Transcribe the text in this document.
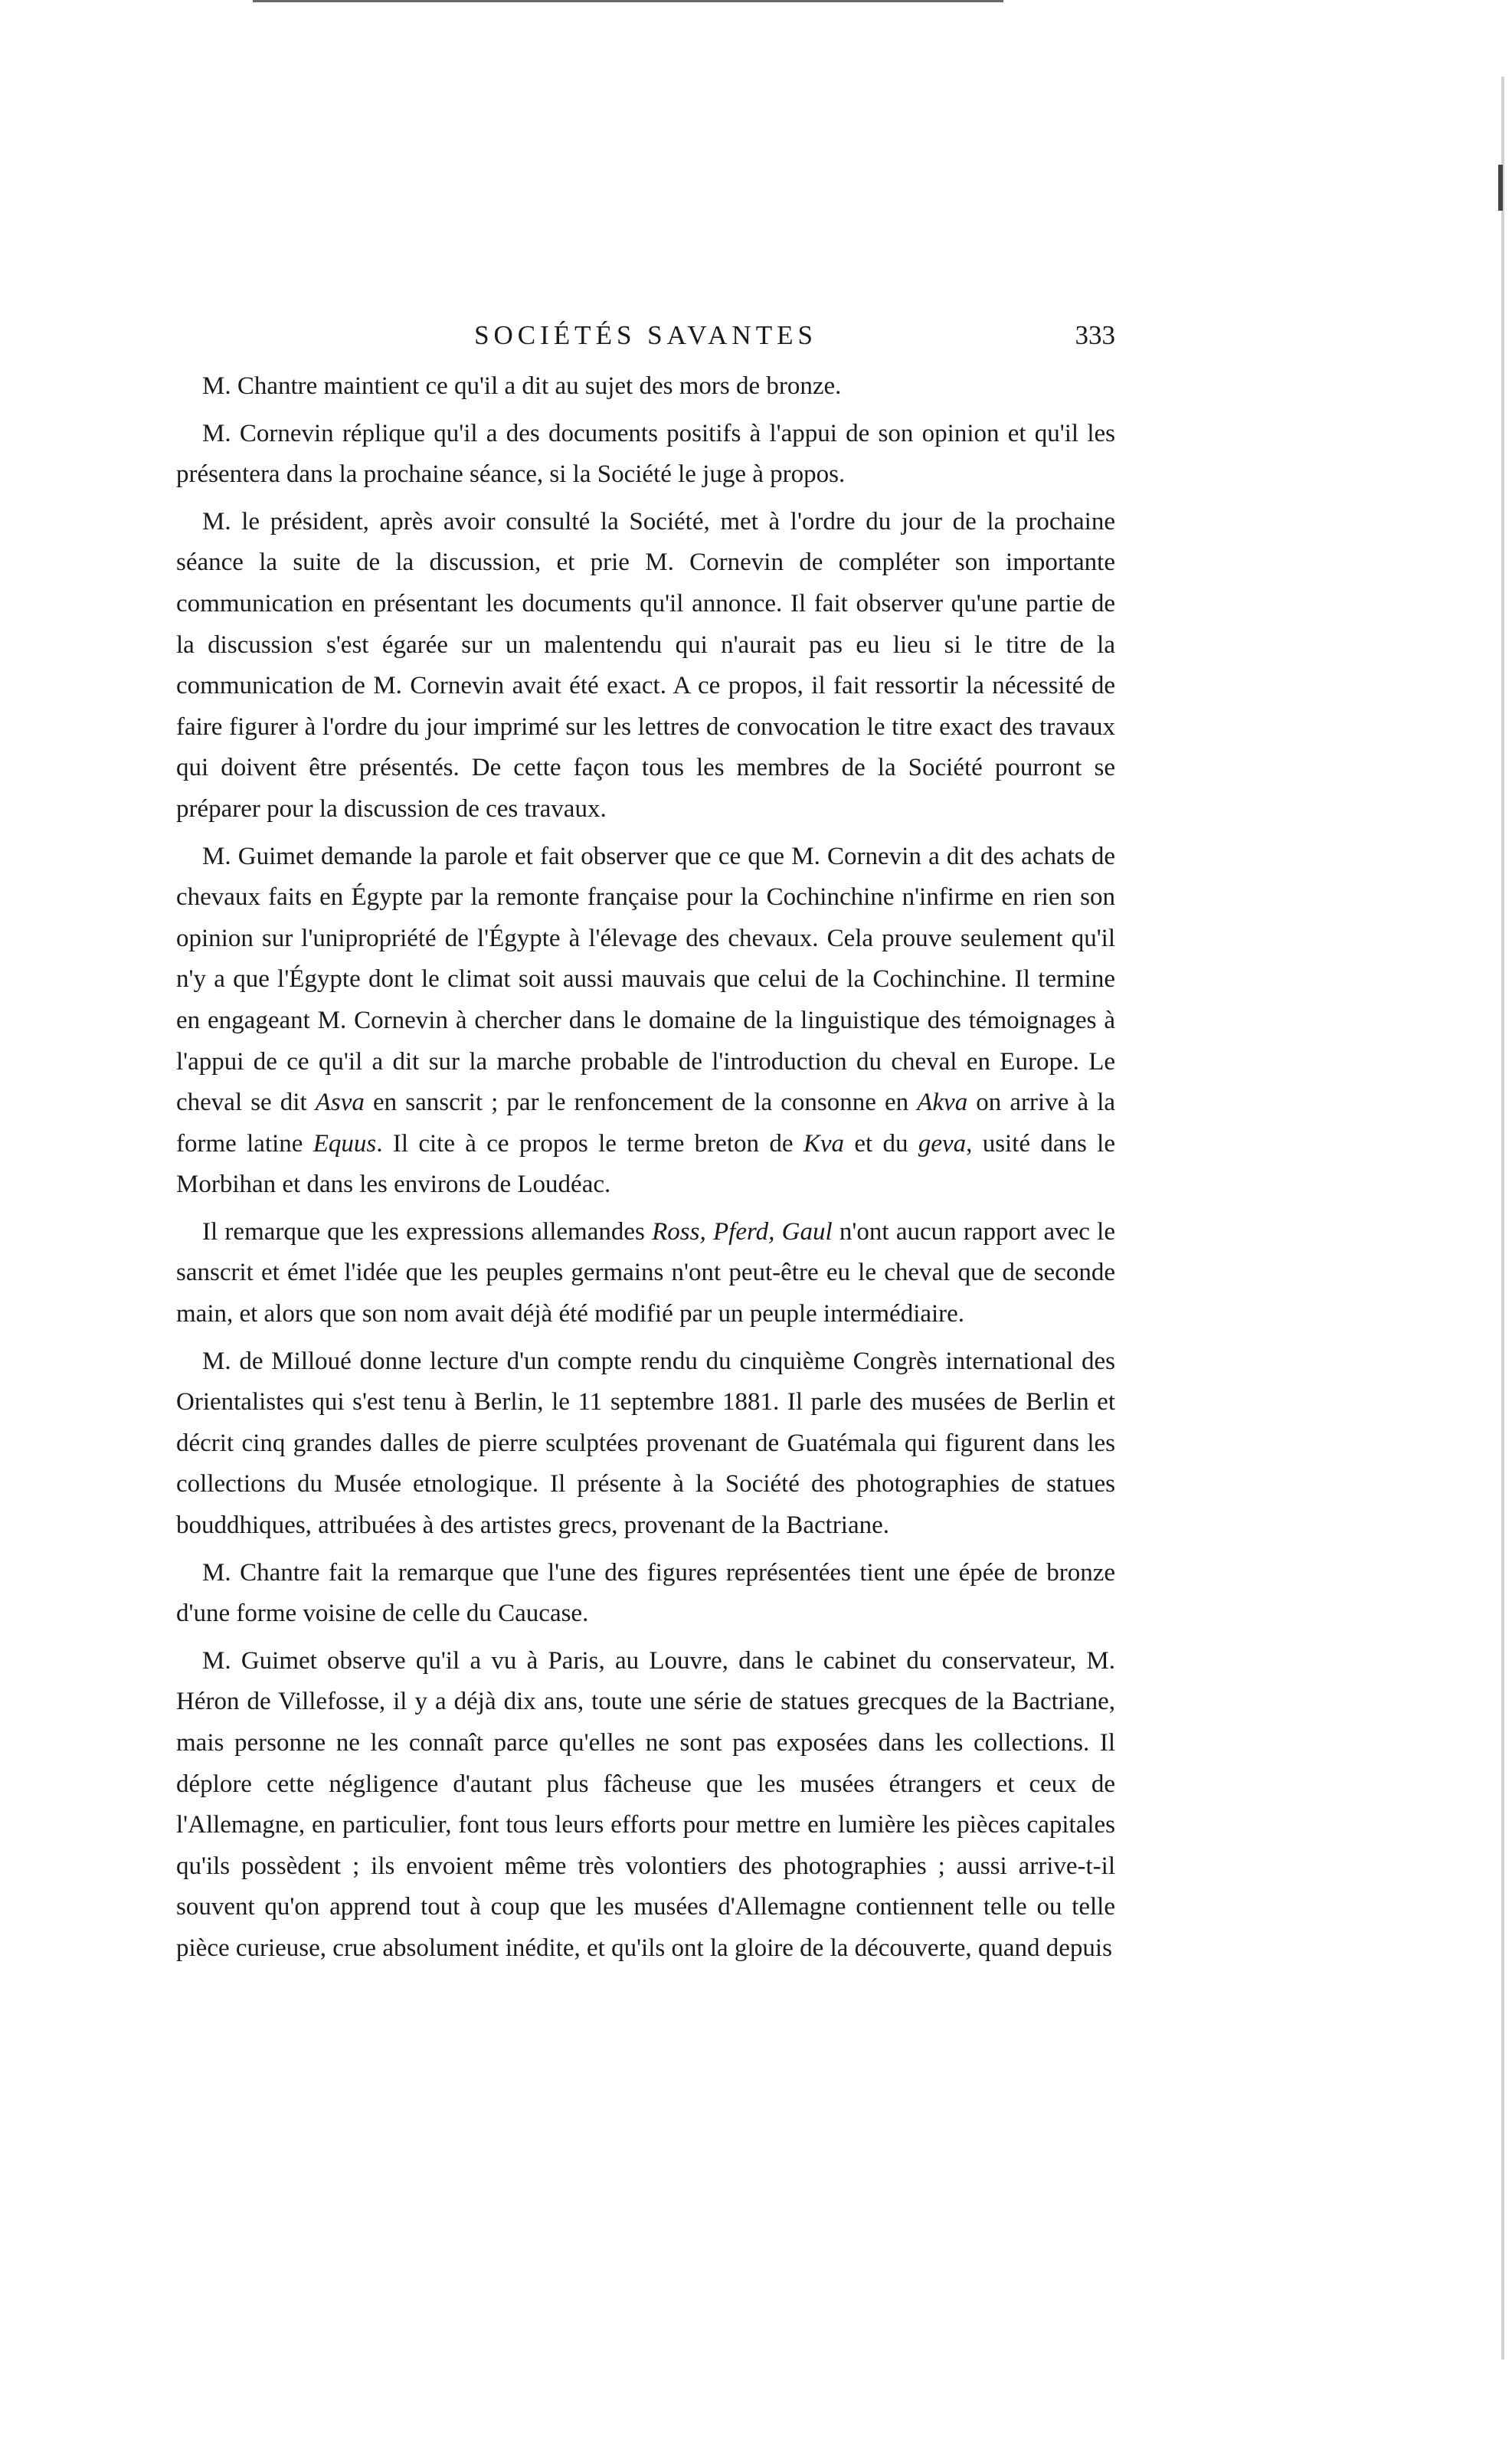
SOCIÉTÉS SAVANTES	333

M. Chantre maintient ce qu'il a dit au sujet des mors de bronze.

M. Cornevin réplique qu'il a des documents positifs à l'appui de son opinion et qu'il les présentera dans la prochaine séance, si la Société le juge à propos.

M. le président, après avoir consulté la Société, met à l'ordre du jour de la prochaine séance la suite de la discussion, et prie M. Cornevin de compléter son importante communication en présentant les documents qu'il annonce. Il fait observer qu'une partie de la discussion s'est égarée sur un malentendu qui n'aurait pas eu lieu si le titre de la communication de M. Cornevin avait été exact. A ce propos, il fait ressortir la nécessité de faire figurer à l'ordre du jour imprimé sur les lettres de convocation le titre exact des travaux qui doivent être présentés. De cette façon tous les membres de la Société pourront se préparer pour la discussion de ces travaux.

M. Guimet demande la parole et fait observer que ce que M. Cornevin a dit des achats de chevaux faits en Égypte par la remonte française pour la Cochinchine n'infirme en rien son opinion sur l'unipropriété de l'Égypte à l'élevage des chevaux. Cela prouve seulement qu'il n'y a que l'Égypte dont le climat soit aussi mauvais que celui de la Cochinchine. Il termine en engageant M. Cornevin à chercher dans le domaine de la linguistique des témoignages à l'appui de ce qu'il a dit sur la marche probable de l'introduction du cheval en Europe. Le cheval se dit Asva en sanscrit ; par le renfoncement de la consonne en Akva on arrive à la forme latine Equus. Il cite à ce propos le terme breton de Kva et du geva, usité dans le Morbihan et dans les environs de Loudéac.

Il remarque que les expressions allemandes Ross, Pferd, Gaul n'ont aucun rapport avec le sanscrit et émet l'idée que les peuples germains n'ont peut-être eu le cheval que de seconde main, et alors que son nom avait déjà été modifié par un peuple intermédiaire.

M. de Milloué donne lecture d'un compte rendu du cinquième Congrès international des Orientalistes qui s'est tenu à Berlin, le 11 septembre 1881. Il parle des musées de Berlin et décrit cinq grandes dalles de pierre sculptées provenant de Guatémala qui figurent dans les collections du Musée etnologique. Il présente à la Société des photographies de statues bouddhiques, attribuées à des artistes grecs, provenant de la Bactriane.

M. Chantre fait la remarque que l'une des figures représentées tient une épée de bronze d'une forme voisine de celle du Caucase.

M. Guimet observe qu'il a vu à Paris, au Louvre, dans le cabinet du conservateur, M. Héron de Villefosse, il y a déjà dix ans, toute une série de statues grecques de la Bactriane, mais personne ne les connaît parce qu'elles ne sont pas exposées dans les collections. Il déplore cette négligence d'autant plus fâcheuse que les musées étrangers et ceux de l'Allemagne, en particulier, font tous leurs efforts pour mettre en lumière les pièces capitales qu'ils possèdent ; ils envoient même très volontiers des photographies ; aussi arrive-t-il souvent qu'on apprend tout à coup que les musées d'Allemagne contiennent telle ou telle pièce curieuse, crue absolument inédite, et qu'ils ont la gloire de la découverte, quand depuis
